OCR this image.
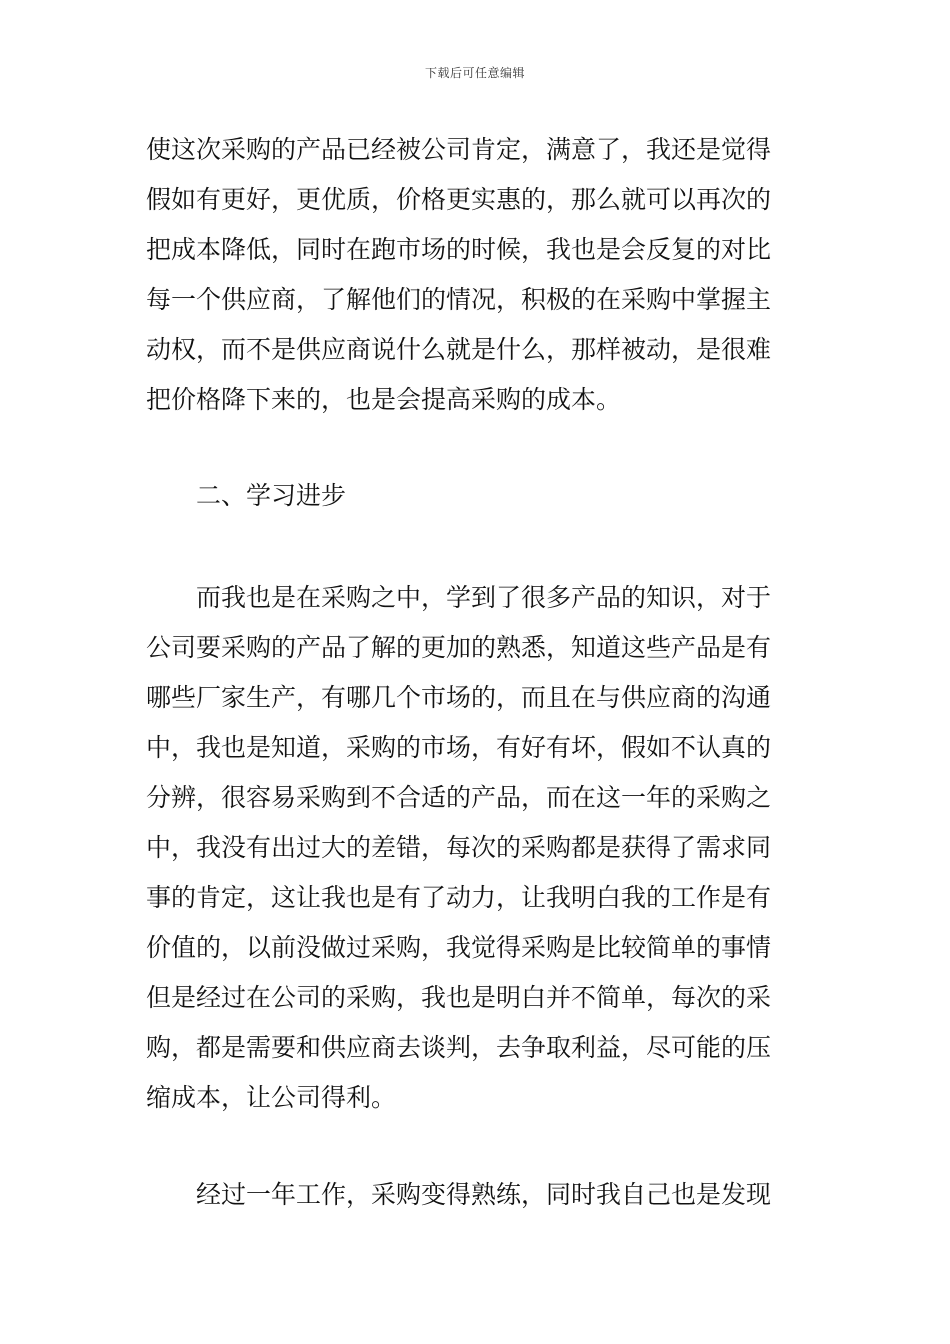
下载后可任意编辑
使这次采购的产品已经被公司肯定，满意了，我还是觉得
假如有更好，更优质，价格更实惠的，那么就可以再次的
把成本降低，同时在跑市场的时候，我也是会反复的对比
每一个供应商，了解他们的情况，积极的在采购中掌握主
动权，而不是供应商说什么就是什么，那样被动，是很难
把价格降下来的，也是会提高采购的成本。
二、学习进步
而我也是在采购之中，学到了很多产品的知识，对于
公司要采购的产品了解的更加的熟悉，知道这些产品是有
哪些厂家生产，有哪几个市场的，而且在与供应商的沟通
中，我也是知道，采购的市场，有好有坏，假如不认真的
分辨，很容易采购到不合适的产品，而在这一年的采购之
中，我没有出过大的差错，每次的采购都是获得了需求同
事的肯定，这让我也是有了动力，让我明白我的工作是有
价值的，以前没做过采购，我觉得采购是比较简单的事情
但是经过在公司的采购，我也是明白并不简单，每次的采
购，都是需要和供应商去谈判，去争取利益，尽可能的压
缩成本，让公司得利。
经过一年工作，采购变得熟练，同时我自己也是发现
